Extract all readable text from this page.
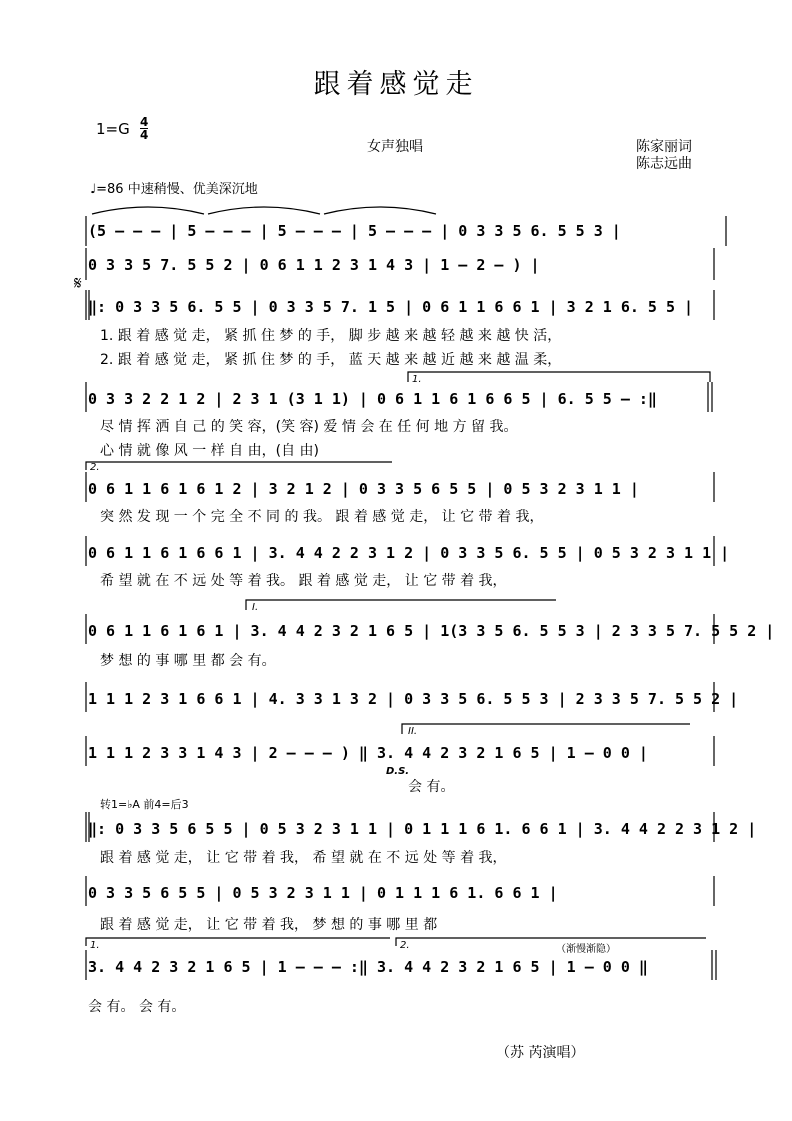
跟着感觉走
$1=G \frac{4}{4}$
女声独唱	陈家丽词
陈志远曲
♩=86 中速稍慢、优美深沉地
𝄋
(5 – – – | 5 – – – | 5 – – – | 5 – – – | 0 3 3 5 6. 5 5 3 |
0 3 3 5 7. 5 5 2 | 0 6 1 1 2 3 1 4 3 | 1 – 2 – ) |
‖: 0 3 3 5 6. 5 5 | 0 3 3 5 7. 1 5 | 0 6 1 1 6 6 1 | 3 2 1 6. 5 5 |
1. 跟 着 感 觉 走， 紧 抓 住 梦 的 手， 脚 步 越 来 越 轻 越 来 越 快 活，
2. 跟 着 感 觉 走， 紧 抓 住 梦 的 手， 蓝 天 越 来 越 近 越 来 越 温 柔，
1.
0 3 3 2 2 1 2 | 2 3 1 (3 1 1) | 0 6 1 1 6 1 6 6 5 | 6. 5 5 – :‖
尽 情 挥 洒 自 己 的 笑 容，(笑 容) 爱 情 会 在 任 何 地 方 留 我。
心 情 就 像 风 一 样 自 由，(自 由)
2.
0 6 1 1 6 1 6 1 2 | 3 2 1 2 | 0 3 3 5 6 5 5 | 0 5 3 2 3 1 1 |
突 然 发 现 一 个 完 全 不 同 的 我。 跟 着 感 觉 走， 让 它 带 着 我，
0 6 1 1 6 1 6 6 1 | 3. 4 4 2 2 3 1 2 | 0 3 3 5 6. 5 5 | 0 5 3 2 3 1 1 |
希 望 就 在 不 远 处 等 着 我。 跟 着 感 觉 走， 让 它 带 着 我，
I.
0 6 1 1 6 1 6 1 | 3. 4 4 2 3 2 1 6 5 | 1(3 3 5 6. 5 5 3 | 2 3 3 5 7. 5 5 2 |
梦 想 的 事 哪 里 都 会 有。
1 1 1 2 3 1 6 6 1 | 4. 3 3 1 3 2 | 0 3 3 5 6. 5 5 3 | 2 3 3 5 7. 5 5 2 |
II.
1 1 1 2 3 3 1 4 3 | 2 – – – ) ‖ 3. 4 4 2 3 2 1 6 5 | 1 – 0 0 |
D.S.
会 有。
转1=♭A 前4=后3
‖: 0 3 3 5 6 5 5 | 0 5 3 2 3 1 1 | 0 1 1 1 6 1. 6 6 1 | 3. 4 4 2 2 3 1 2 |
跟 着 感 觉 走， 让 它 带 着 我， 希 望 就 在 不 远 处 等 着 我，
0 3 3 5 6 5 5 | 0 5 3 2 3 1 1 | 0 1 1 1 6 1. 6 6 1 |
跟 着 感 觉 走， 让 它 带 着 我， 梦 想 的 事 哪 里 都
1.	2.	（渐慢渐隐）
3. 4 4 2 3 2 1 6 5 | 1 – – – :‖ 3. 4 4 2 3 2 1 6 5 | 1 – 0 0 ‖
会 有。 会 有。
（苏 芮演唱）
